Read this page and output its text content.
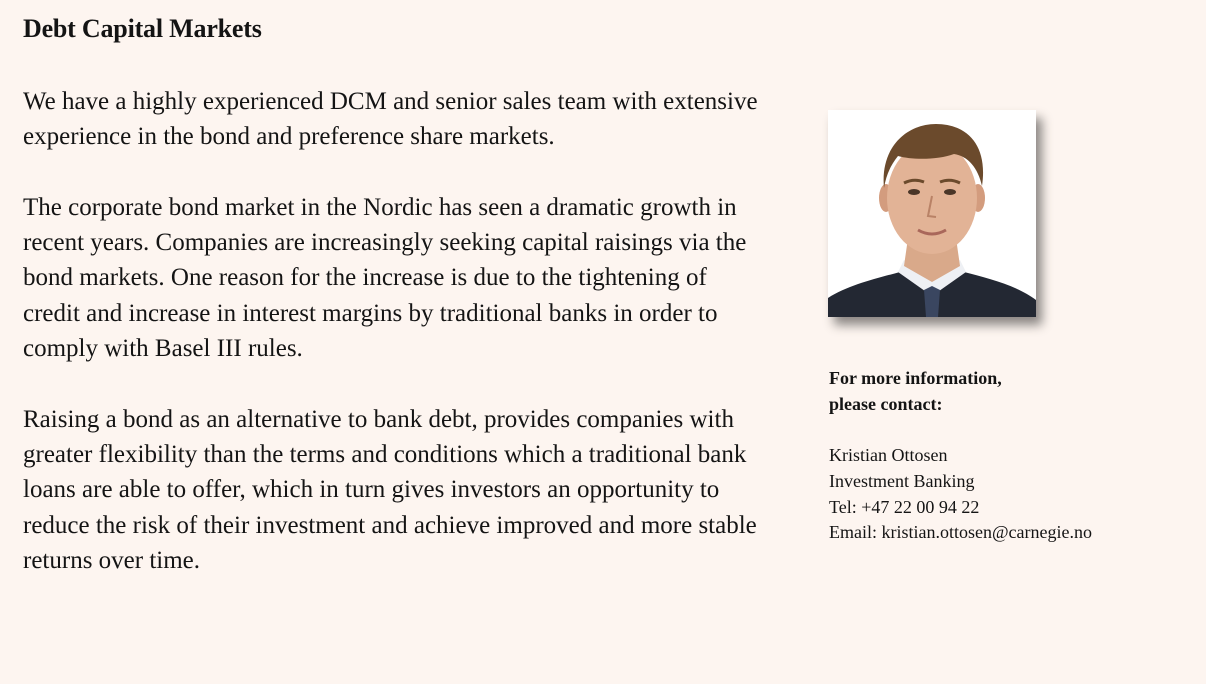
Debt Capital Markets

We have a highly experienced DCM and senior sales team with extensive experience in the bond and preference share markets.

The corporate bond market in the Nordic has seen a dramatic growth in recent years. Companies are increasingly seeking capital raisings via the bond markets. One reason for the increase is due to the tightening of credit and increase in interest margins by traditional banks in order to comply with Basel III rules.

Raising a bond as an alternative to bank debt, provides companies with greater flexibility than the terms and conditions which a traditional bank loans are able to offer, which in turn gives investors an opportunity to reduce the risk of their investment and achieve improved and more stable returns over time.

For more information,
please contact:
Kristian Ottosen
Investment Banking
Tel: +47 22 00 94 22
Email: kristian.ottosen@carnegie.no
